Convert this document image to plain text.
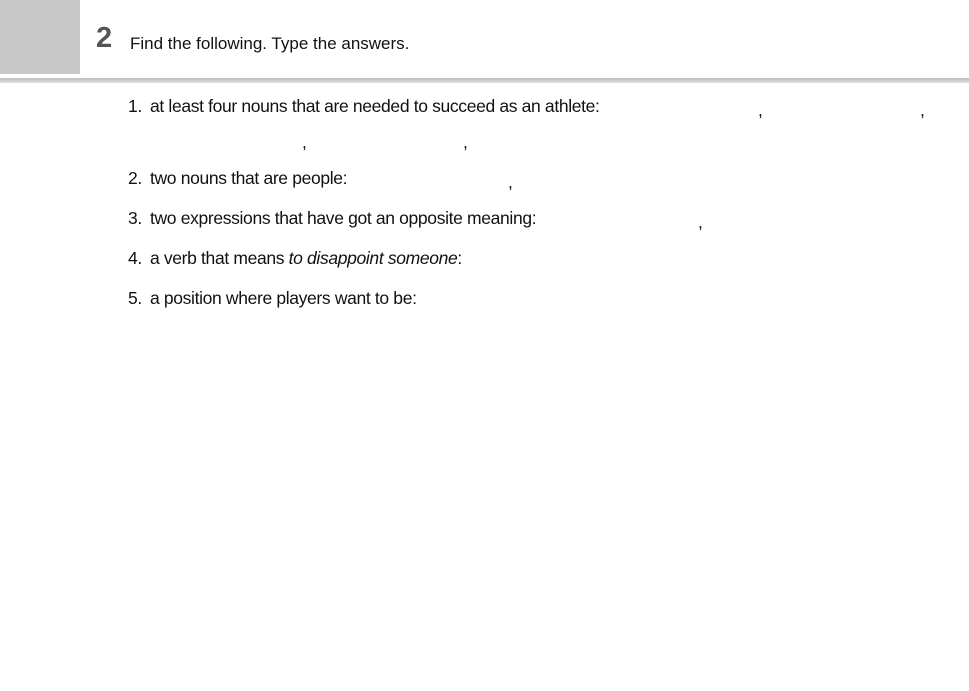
2 Find the following. Type the answers.
1. at least four nouns that are needed to succeed as an athlete:	,	,
,	,
2. two nouns that are people:	,
3. two expressions that have got an opposite meaning:	,
4. a verb that means to disappoint someone:
5. a position where players want to be:
